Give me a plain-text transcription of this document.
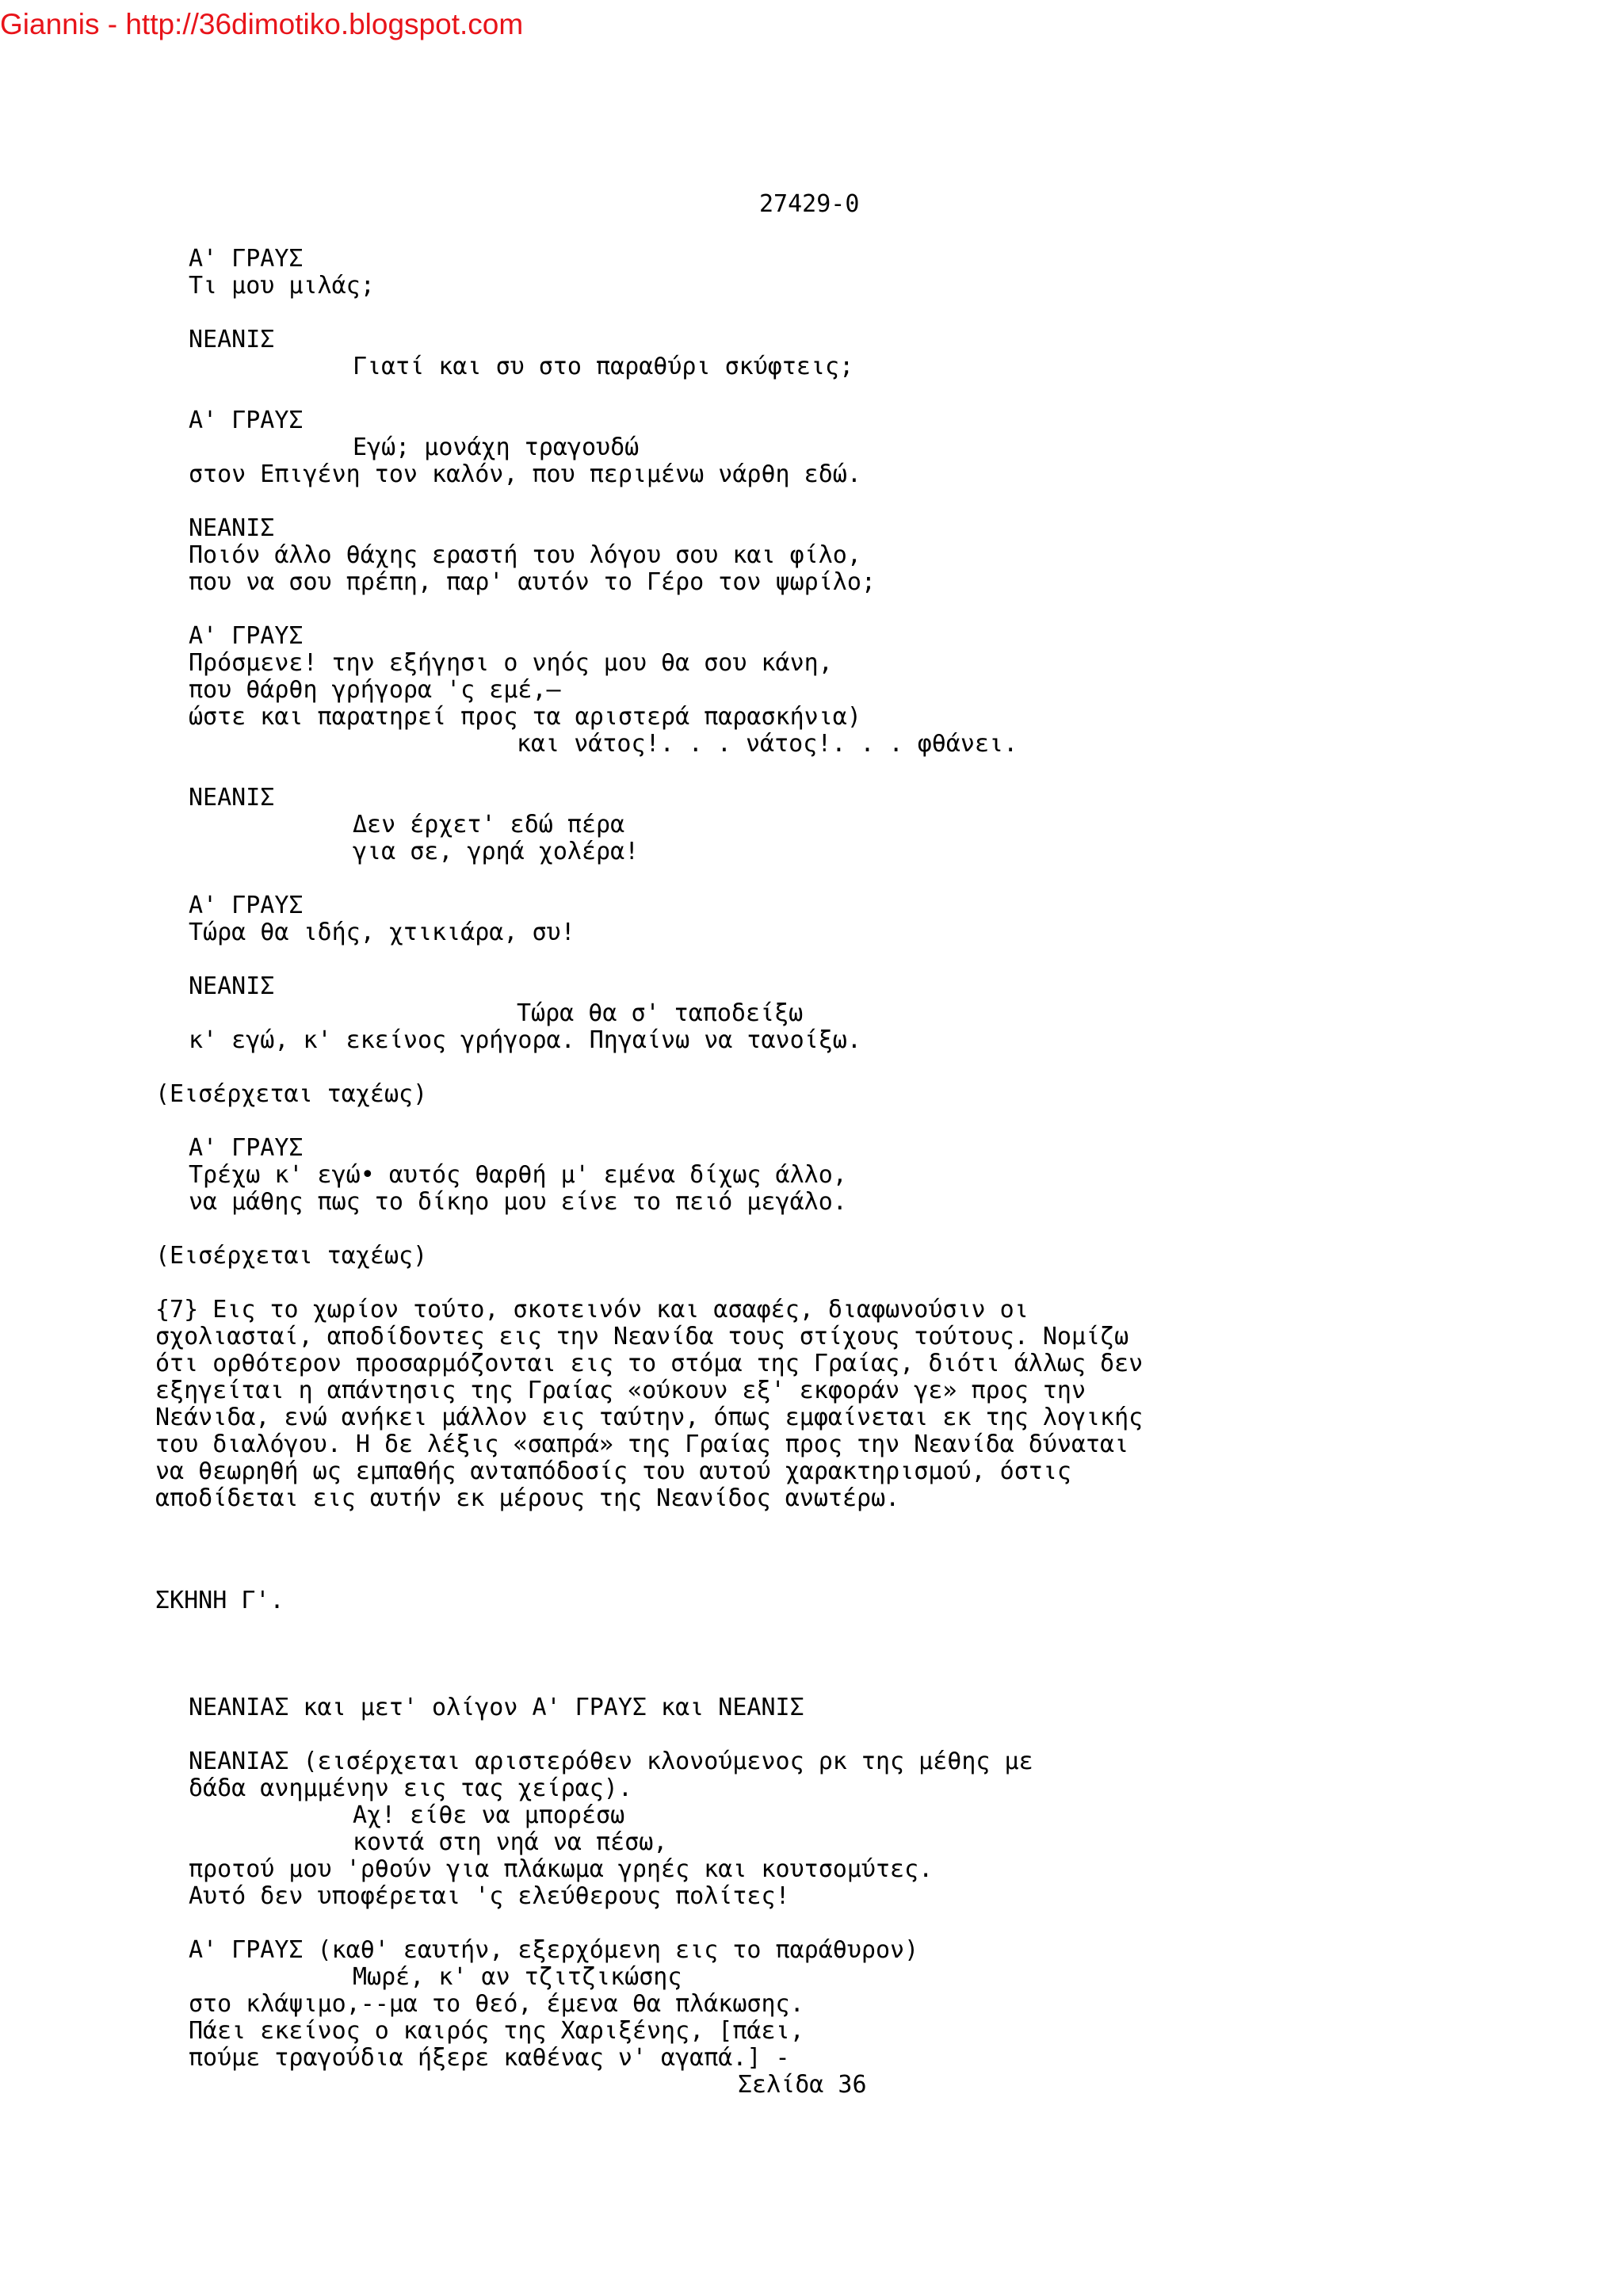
Giannis - http://36dimotiko.blogspot.com
27429-0
Α' ΓΡΑΥΣ
Τι μου μιλάς;
ΝΕΑΝΙΣ
Γιατί και συ στο παραθύρι σκύφτεις;
Α' ΓΡΑΥΣ
Εγώ; μονάχη τραγουδώ
στον Επιγένη τον καλόν, που περιμένω νάρθη εδώ.
ΝΕΑΝΙΣ
Ποιόν άλλο θάχης εραστή του λόγου σου και φίλο,
που να σου πρέπη, παρ' αυτόν το Γέρο τον ψωρίλο;
Α' ΓΡΑΥΣ
Πρόσμενε! την εξήγησι ο νηός μου θα σου κάνη,
που θάρθη γρήγορα 'ς εμέ,—
ώστε και παρατηρεί προς τα αριστερά παρασκήνια)
και νάτος!. . . νάτος!. . . φθάνει.
ΝΕΑΝΙΣ
Δεν έρχετ' εδώ πέρα
για σε, γρηά χολέρα!
Α' ΓΡΑΥΣ
Τώρα θα ιδής, χτικιάρα, συ!
ΝΕΑΝΙΣ
Τώρα θα σ' ταποδείξω
κ' εγώ, κ' εκείνος γρήγορα. Πηγαίνω να τανοίξω.
(Εισέρχεται ταχέως)
Α' ΓΡΑΥΣ
Τρέχω κ' εγώ• αυτός θαρθή μ' εμένα δίχως άλλο,
να μάθης πως το δίκηο μου είνε το πειό μεγάλο.
(Εισέρχεται ταχέως)
{7} Εις το χωρίον τούτο, σκοτεινόν και ασαφές, διαφωνούσιν οι
σχολιασταί, αποδίδοντες εις την Νεανίδα τους στίχους τούτους. Νομίζω
ότι ορθότερον προσαρμόζονται εις το στόμα της Γραίας, διότι άλλως δεν
εξηγείται η απάντησις της Γραίας «ούκουν εξ' εκφοράν γε» προς την
Νεάνιδα, ενώ ανήκει μάλλον εις ταύτην, όπως εμφαίνεται εκ της λογικής
του διαλόγου. Η δε λέξις «σαπρά» της Γραίας προς την Νεανίδα δύναται
να θεωρηθή ως εμπαθής ανταπόδοσίς του αυτού χαρακτηρισμού, όστις
αποδίδεται εις αυτήν εκ μέρους της Νεανίδος ανωτέρω.
ΣΚΗΝΗ Γ'.
ΝΕΑΝΙΑΣ και μετ' ολίγον Α' ΓΡΑΥΣ και ΝΕΑΝΙΣ
ΝΕΑΝΙΑΣ (εισέρχεται αριστερόθεν κλονούμενος ρκ της μέθης με
δάδα ανημμένην εις τας χείρας).
Αχ! είθε να μπορέσω
κοντά στη νηά να πέσω,
προτού μου 'ρθούν για πλάκωμα γρηές και κουτσομύτες.
Αυτό δεν υποφέρεται 'ς ελεύθερους πολίτες!
Α' ΓΡΑΥΣ (καθ' εαυτήν, εξερχόμενη εις το παράθυρον)
Μωρέ, κ' αν τζιτζικώσης
στο κλάψιμο,--μα το θεό, έμενα θα πλάκωσης.
Πάει εκείνος ο καιρός της Χαριξένης, [πάει,
πούμε τραγούδια ήξερε καθένας ν' αγαπά.] -
Σελίδα 36
